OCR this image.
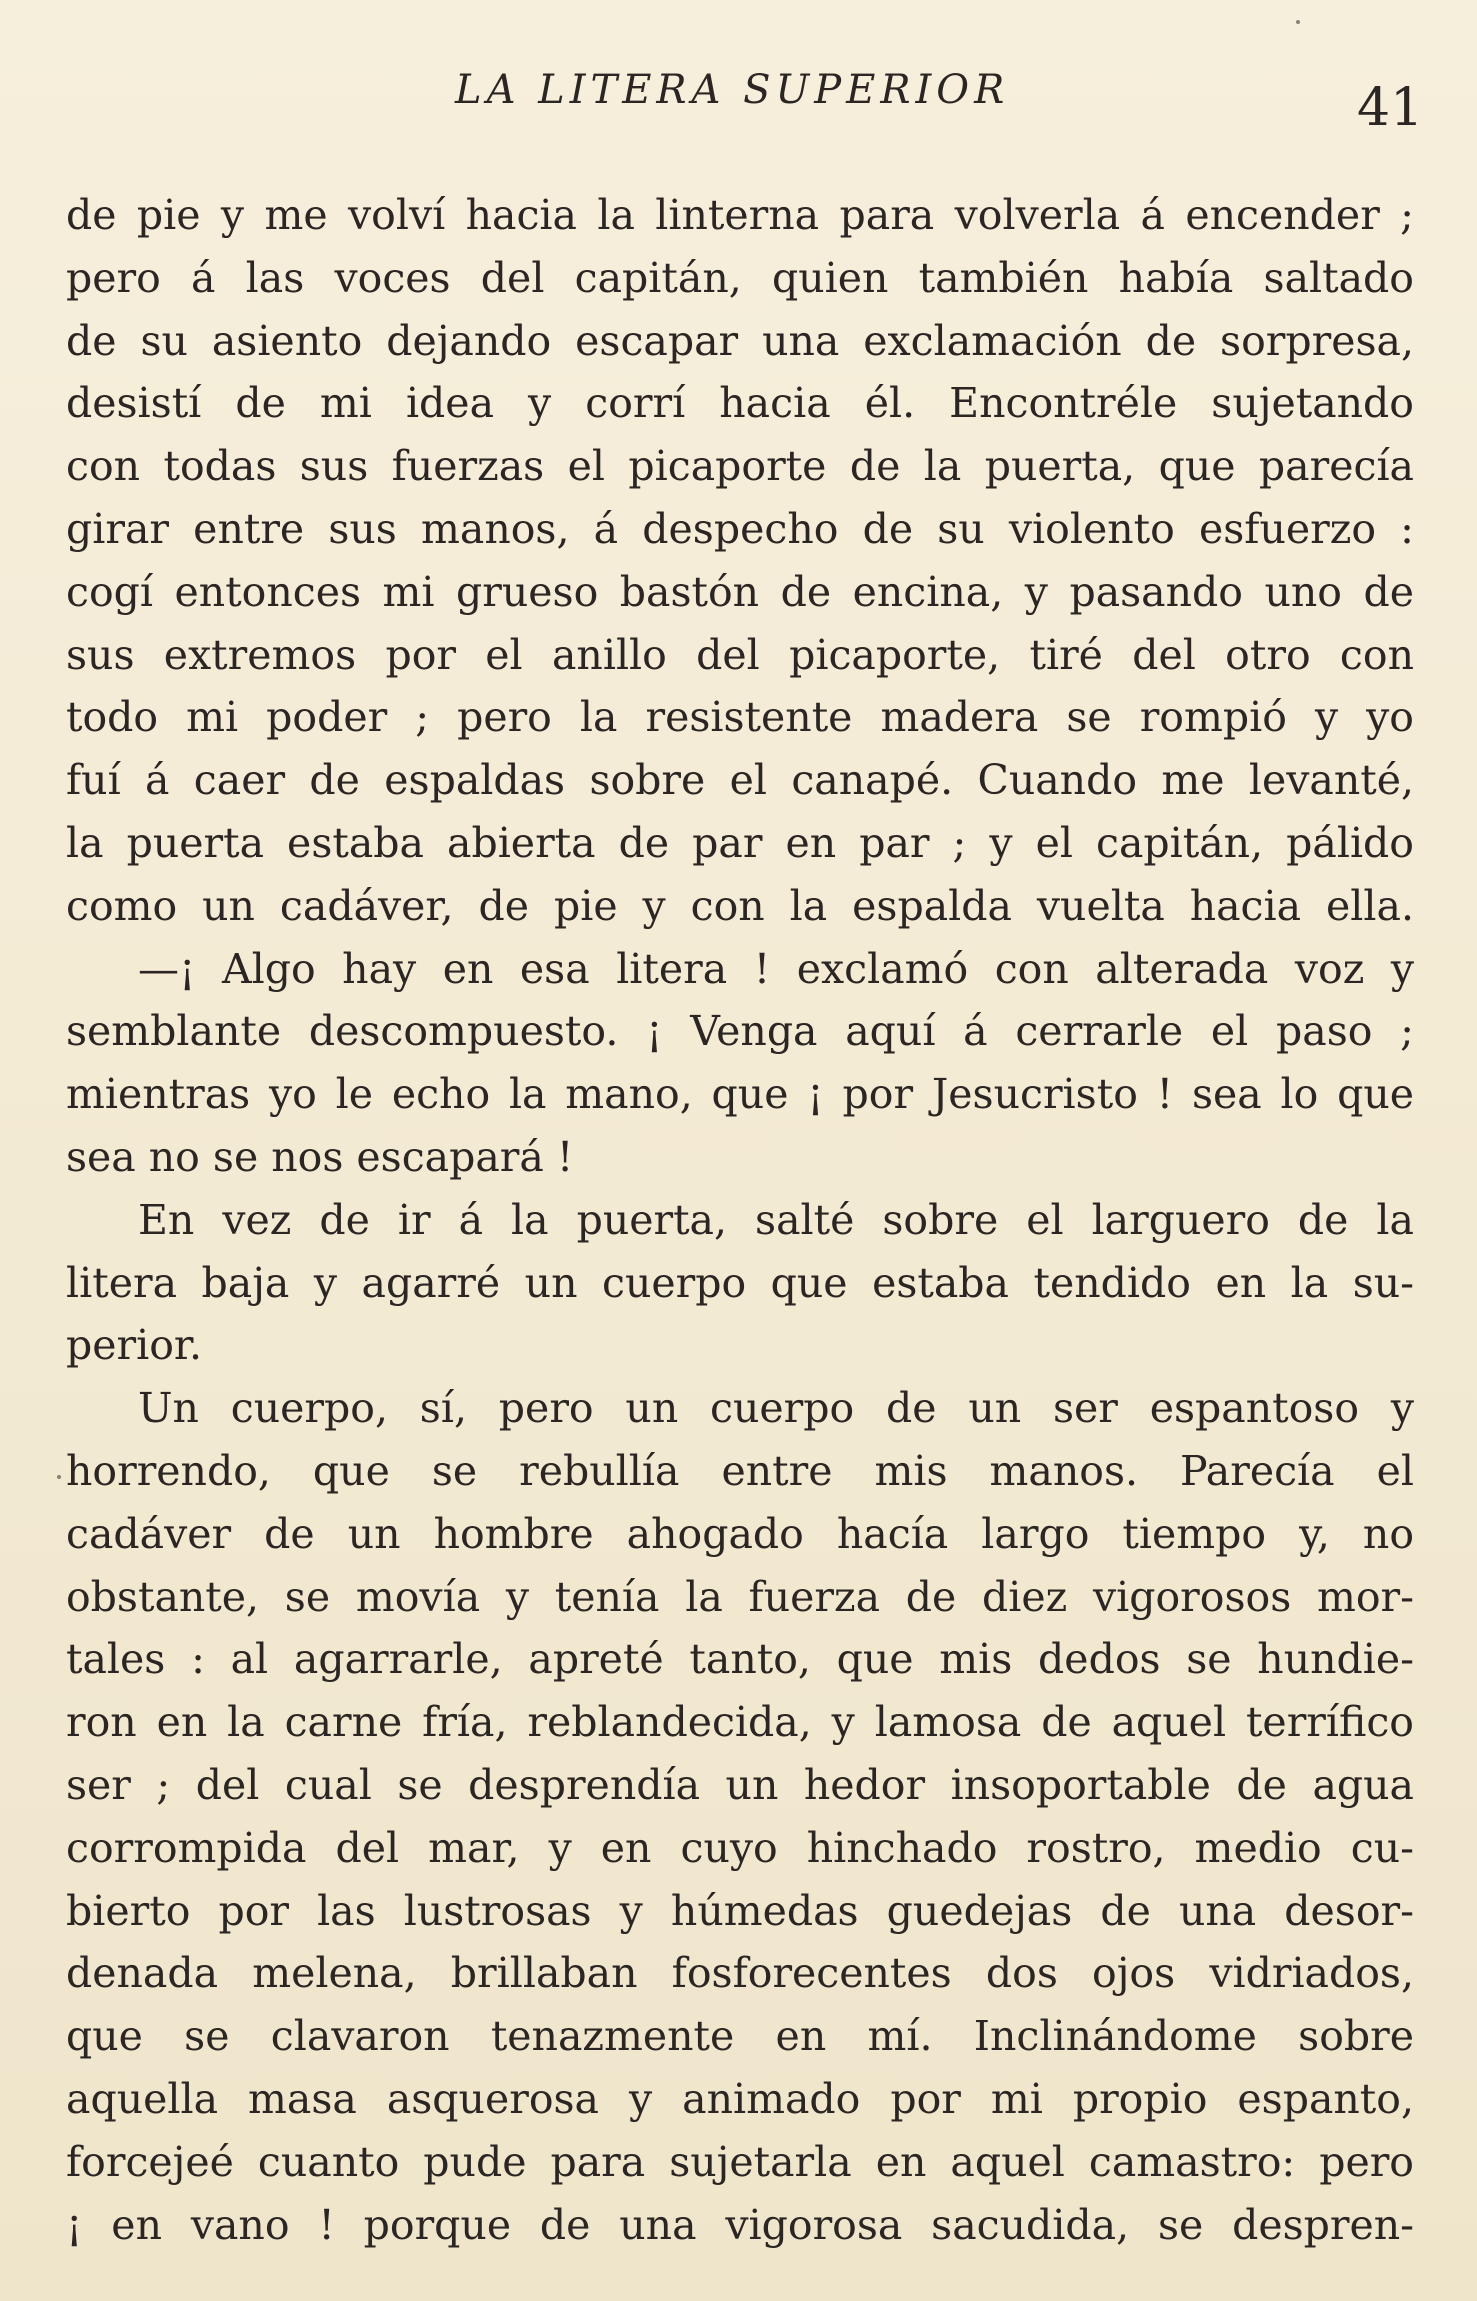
LA LITERA SUPERIOR	41
de pie y me volví hacia la linterna para volverla á encender ;
pero á las voces del capitán, quien también había saltado
de su asiento dejando escapar una exclamación de sorpresa,
desistí de mi idea y corrí hacia él. Encontréle sujetando
con todas sus fuerzas el picaporte de la puerta, que parecía
girar entre sus manos, á despecho de su violento esfuerzo :
cogí entonces mi grueso bastón de encina, y pasando uno de
sus extremos por el anillo del picaporte, tiré del otro con
todo mi poder ; pero la resistente madera se rompió y yo
fuí á caer de espaldas sobre el canapé. Cuando me levanté,
la puerta estaba abierta de par en par ; y el capitán, pálido
como un cadáver, de pie y con la espalda vuelta hacia ella.
—¡ Algo hay en esa litera ! exclamó con alterada voz y
semblante descompuesto. ¡ Venga aquí á cerrarle el paso ;
mientras yo le echo la mano, que ¡ por Jesucristo ! sea lo que
sea no se nos escapará !
En vez de ir á la puerta, salté sobre el larguero de la
litera baja y agarré un cuerpo que estaba tendido en la su-
perior.
Un cuerpo, sí, pero un cuerpo de un ser espantoso y
horrendo, que se rebullía entre mis manos. Parecía el
cadáver de un hombre ahogado hacía largo tiempo y, no
obstante, se movía y tenía la fuerza de diez vigorosos mor-
tales : al agarrarle, apreté tanto, que mis dedos se hundie-
ron en la carne fría, reblandecida, y lamosa de aquel terrífico
ser ; del cual se desprendía un hedor insoportable de agua
corrompida del mar, y en cuyo hinchado rostro, medio cu-
bierto por las lustrosas y húmedas guedejas de una desor-
denada melena, brillaban fosforecentes dos ojos vidriados,
que se clavaron tenazmente en mí. Inclinándome sobre
aquella masa asquerosa y animado por mi propio espanto,
forcejeé cuanto pude para sujetarla en aquel camastro: pero
¡ en vano ! porque de una vigorosa sacudida, se despren-
